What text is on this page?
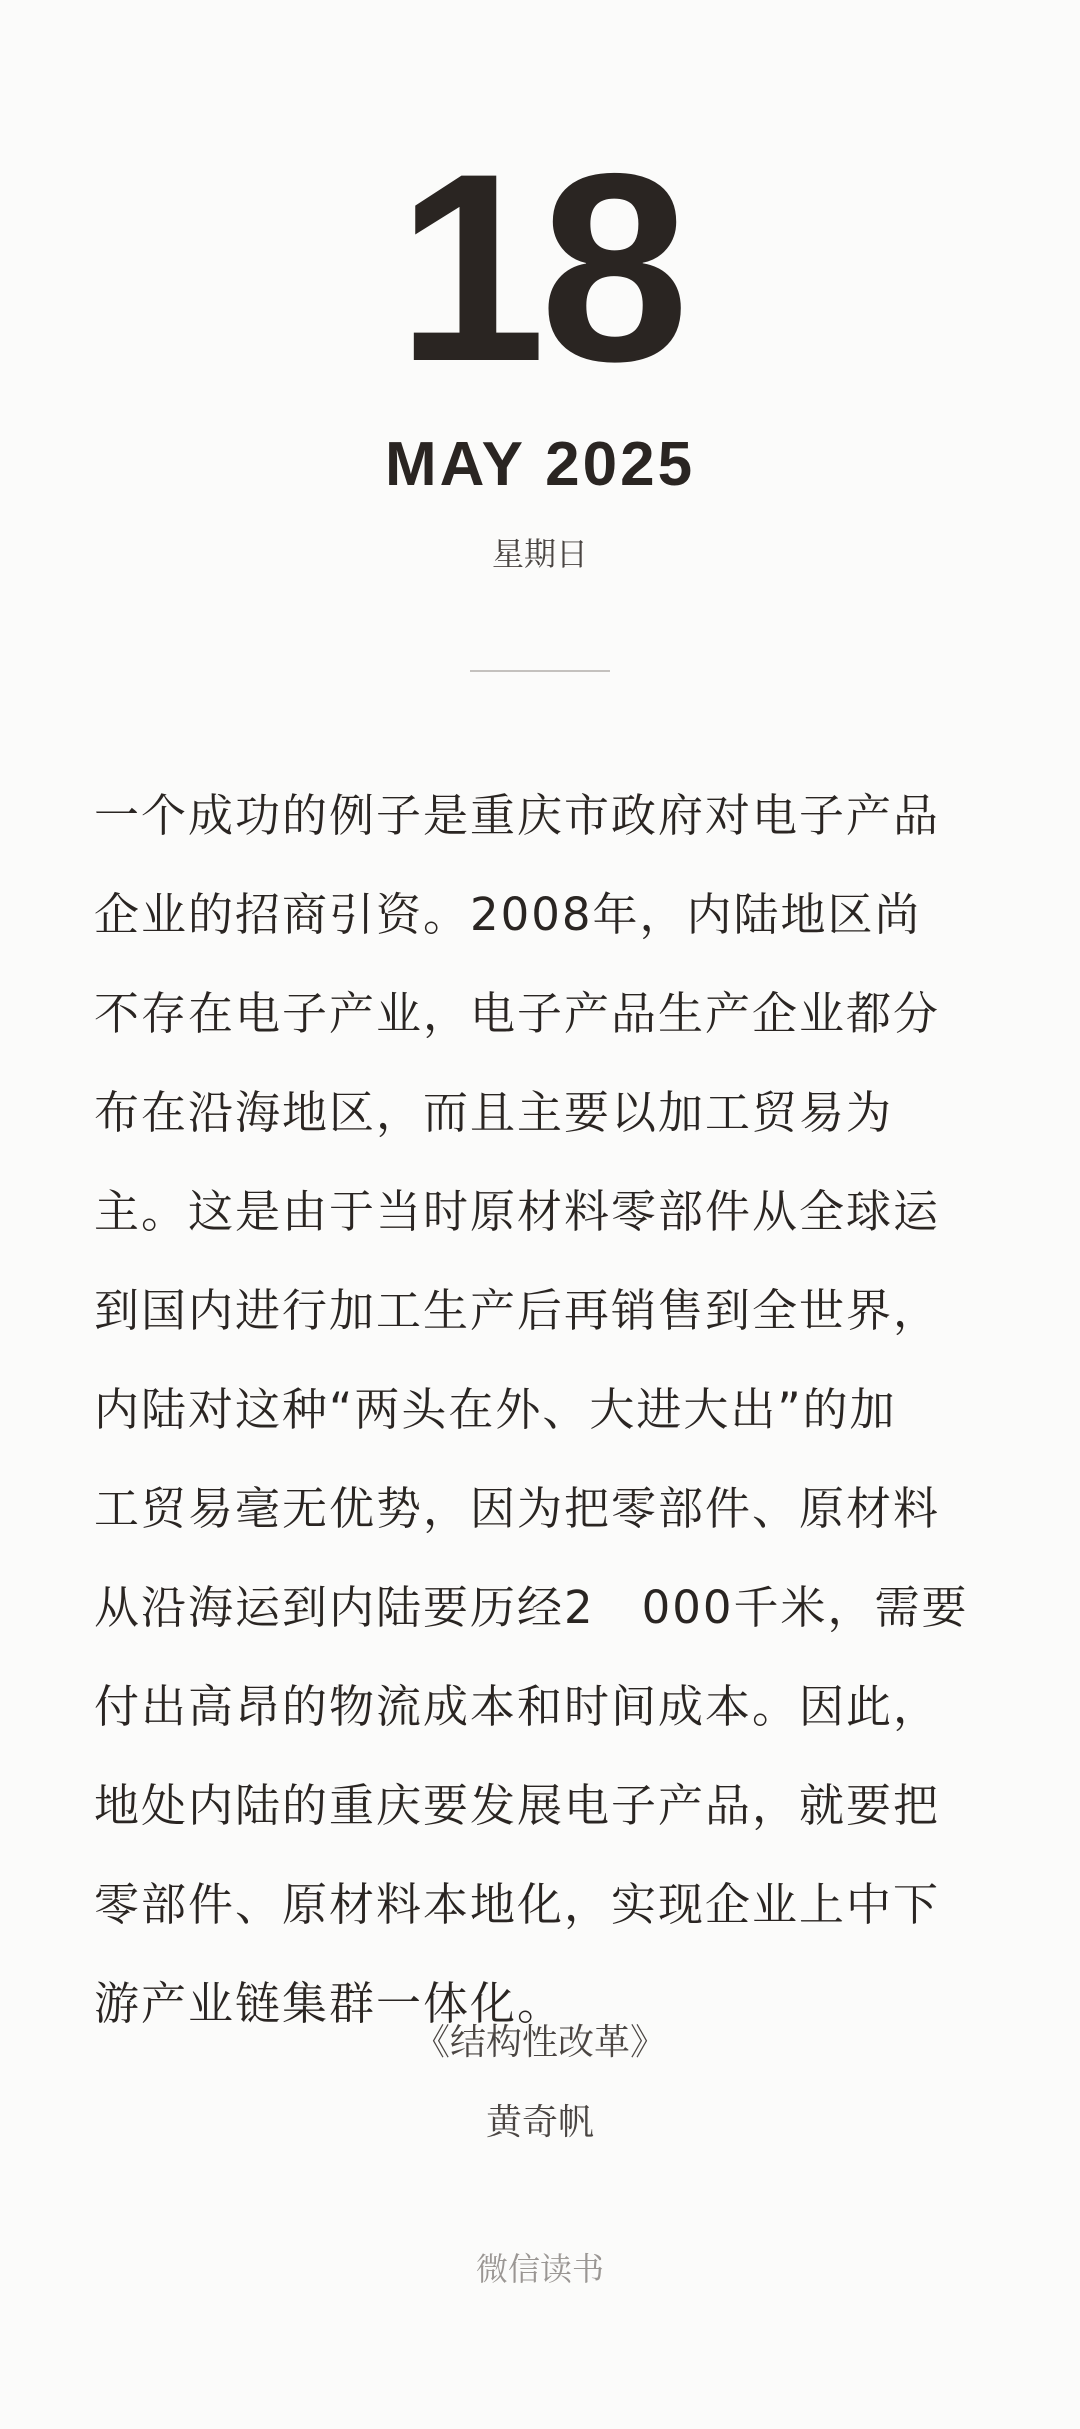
18
MAY 2025
星期日

一个成功的例子是重庆市政府对电子产品
企业的招商引资。2008年，内陆地区尚
不存在电子产业，电子产品生产企业都分
布在沿海地区，而且主要以加工贸易为
主。这是由于当时原材料零部件从全球运
到国内进行加工生产后再销售到全世界，
内陆对这种“两头在外、大进大出”的加
工贸易毫无优势，因为把零部件、原材料
从沿海运到内陆要历经2　000千米，需要
付出高昂的物流成本和时间成本。因此，
地处内陆的重庆要发展电子产品，就要把
零部件、原材料本地化，实现企业上中下
游产业链集群一体化。

《结构性改革》
黄奇帆
微信读书
